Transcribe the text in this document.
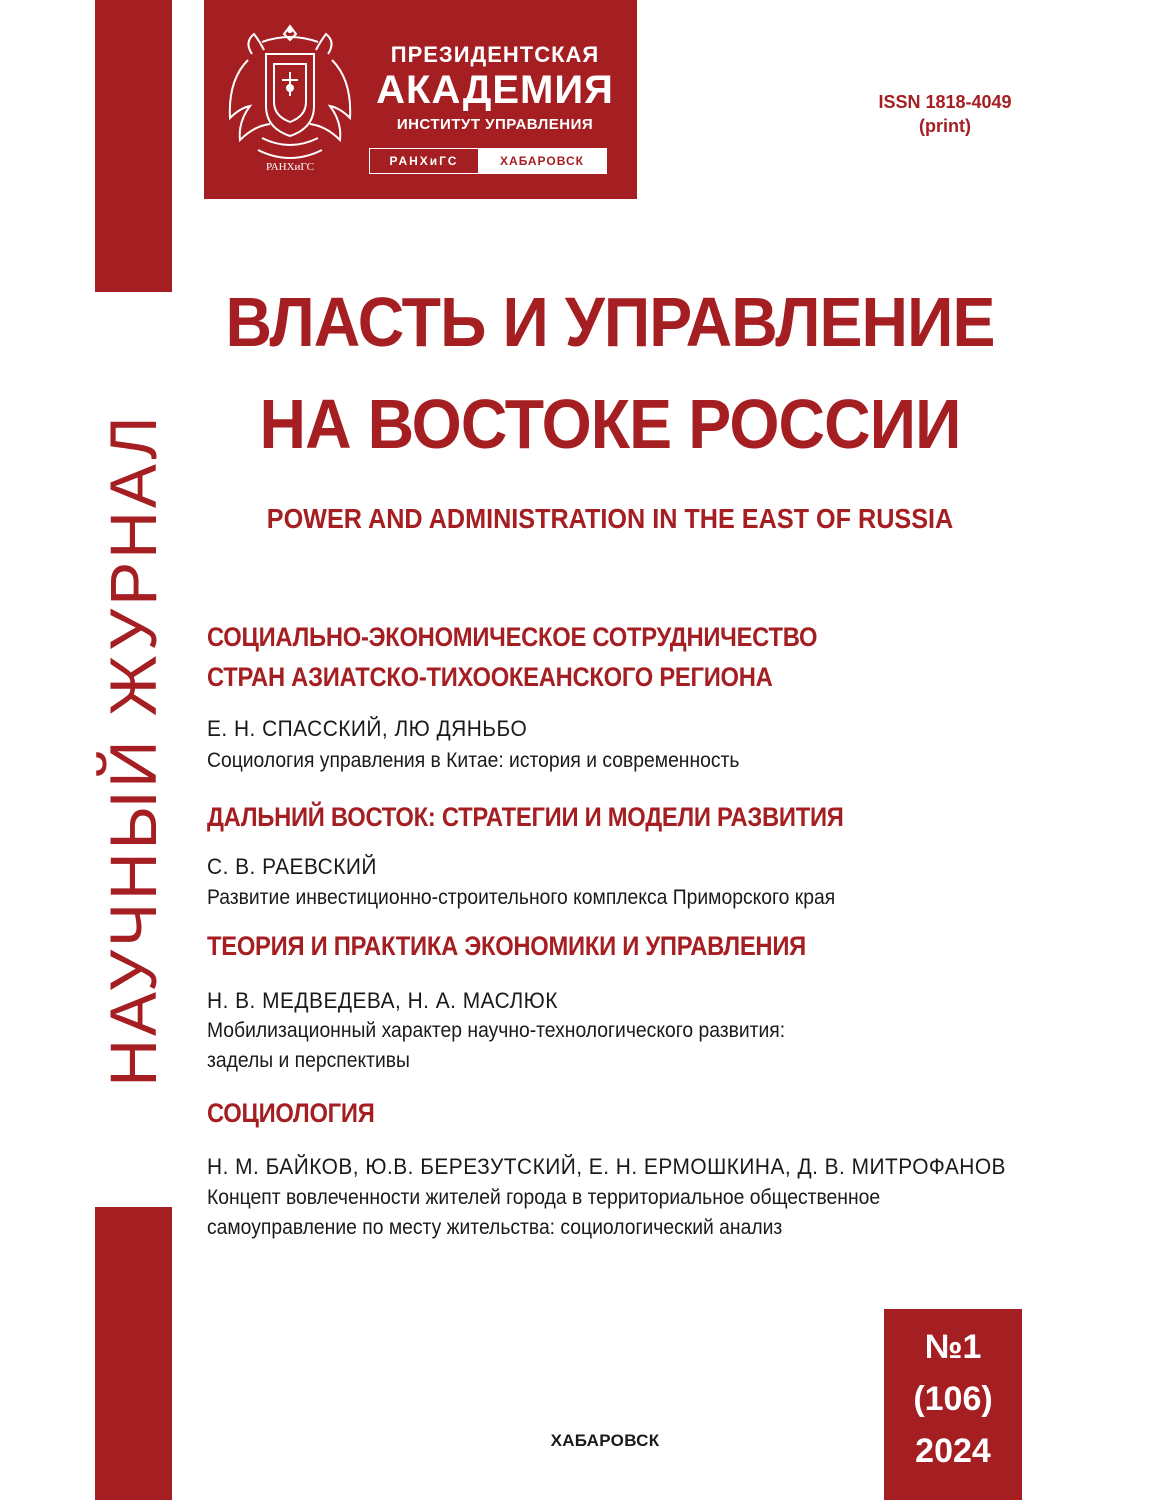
НАУЧНЫЙ ЖУРНАЛ
РАНХиГС
ПРЕЗИДЕНТСКАЯ
АКАДЕМИЯ
ИНСТИТУТ УПРАВЛЕНИЯ
РАНХиГС	ХАБАРОВСК
ISSN 1818-4049
(print)
ВЛАСТЬ И УПРАВЛЕНИЕ
НА ВОСТОКЕ РОССИИ
POWER AND ADMINISTRATION IN THE EAST OF RUSSIA
СОЦИАЛЬНО-ЭКОНОМИЧЕСКОЕ СОТРУДНИЧЕСТВО
СТРАН АЗИАТСКО-ТИХООКЕАНСКОГО РЕГИОНА
Е. Н. СПАССКИЙ, ЛЮ ДЯНЬБО
Социология управления в Китае: история и современность
ДАЛЬНИЙ ВОСТОК: СТРАТЕГИИ И МОДЕЛИ РАЗВИТИЯ
С. В. РАЕВСКИЙ
Развитие инвестиционно-строительного комплекса Приморского края
ТЕОРИЯ И ПРАКТИКА ЭКОНОМИКИ И УПРАВЛЕНИЯ
Н. В. МЕДВЕДЕВА, Н. А. МАСЛЮК
Мобилизационный характер научно-технологического развития:
заделы и перспективы
СОЦИОЛОГИЯ
Н. М. БАЙКОВ, Ю.В. БЕРЕЗУТСКИЙ, Е. Н. ЕРМОШКИНА, Д. В. МИТРОФАНОВ
Концепт вовлеченности жителей города в территориальное общественное
самоуправление по месту жительства: социологический анализ
№1
(106)
2024
ХАБАРОВСК
